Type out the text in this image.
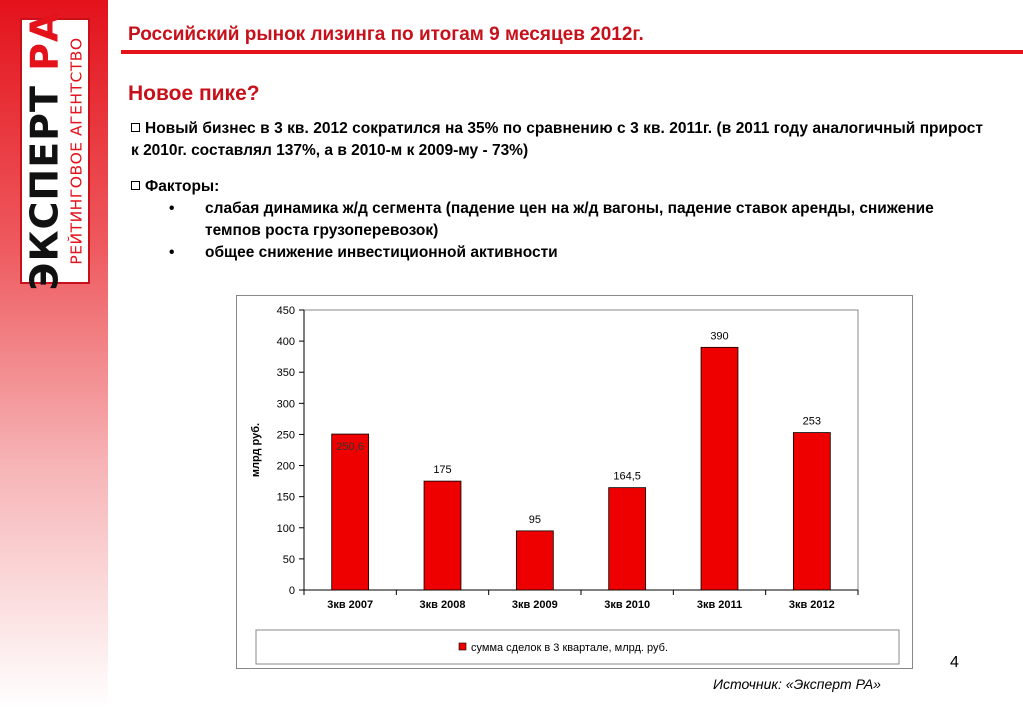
ЭКСПЕРТ РА РЕЙТИНГОВОЕ АГЕНТСТВО
Российский рынок лизинга по итогам 9 месяцев 2012г.
Новое пике?
Новый бизнес в 3 кв. 2012 сократился на 35% по сравнению с 3 кв. 2011г. (в 2011 году аналогичный прирост к 2010г. составлял 137%, а в 2010-м к 2009-му - 73%)
Факторы:
• слабая динамика ж/д сегмента (падение цен на ж/д вагоны, падение ставок аренды, снижение темпов роста грузоперевозок)
• общее снижение инвестиционной активности
0
50
100
150
200
250
300
350
400
450
3кв 2007
250,6
3кв 2008
175
3кв 2009
95
3кв 2010
164,5
3кв 2011
390
3кв 2012
253
млрд руб.
сумма сделок в 3 квартале, млрд. руб.
4
Источник: «Эксперт РА»
